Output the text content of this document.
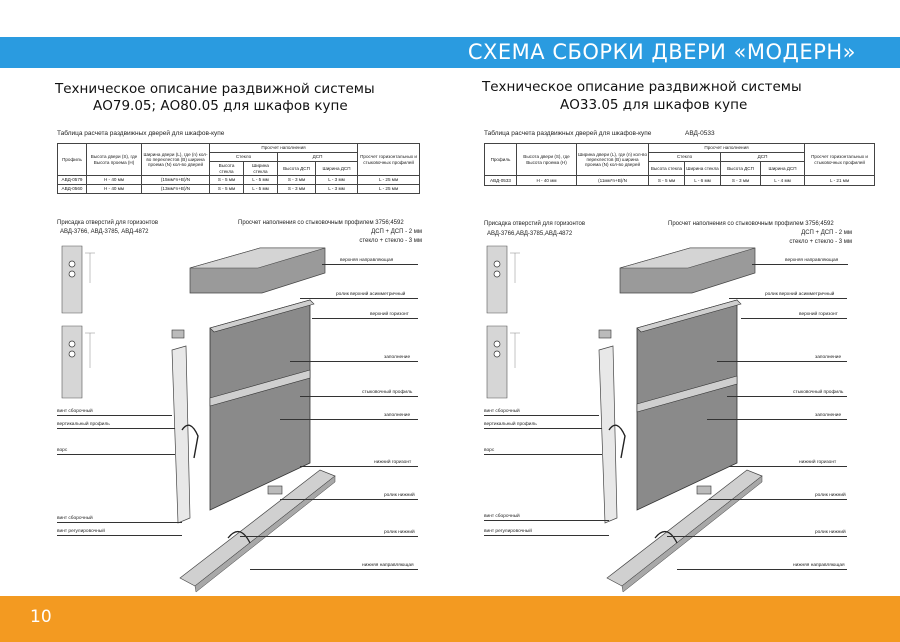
СХЕМА СБОРКИ ДВЕРИ «МОДЕРН»
Техническое описание раздвижной системы
АО79.05; АО80.05 для шкафов купе
Таблица расчета раздвижных дверей для шкафов-купе
Профиль	Высота двери (S), где Высота проема (Н)	Ширина двери (L), где (n) кол-во перехлестов (B) ширина проема (N) кол-во дверей	Просчет наполнения				Просчет горизонтальных и стыковочных профилей
			Стекло		ДСП		
			Высота стекла	Ширина стекла	Высота ДСП	Ширина ДСП	
АВД-0579	Н - 40 мм	(15мм*n+B)/N	S - 5 мм	L - 5 мм	S - 3 мм	L - 3 мм	L - 25 мм
АВД-0560	Н - 40 мм	(13мм*n+B)/N	S - 5 мм	L - 5 мм	S - 3 мм	L - 3 мм	L - 25 мм
Присадка отверстий для горизонтов
АВД-3766, АВД-3785, АВД-4872
Просчет наполнения со стыковочным профилем 3756;4592
ДСП + ДСП - 2 мм
стекло + стекло - 3 мм
верхняя направляющая
ролик верхний асимметричный
верхний горизонт
заполнение
стыковочный профиль
заполнение
винт сборочный
вертикальный профиль
ворс
нижний горизонт
ролик нижний
винт сборочный
винт регулировочный	ролик нижний
нижняя направляющая
Техническое описание раздвижной системы
АО33.05 для шкафов купе
Таблица расчета раздвижных дверей для шкафов-купе	АВД-0533
Профиль	Высота двери (S), где Высота проема (Н)	Ширина двери (L), где (n) кол-во перехлестов (B) ширина проема (N) кол-во дверей	Просчет наполнения				Просчет горизонтальных и стыковочных профилей
			Стекло		ДСП		
			Высота стекла	Ширина стекла	Высота ДСП	Ширина ДСП	
АВД-0533	Н - 40 мм	(11мм*n+B)/N	S - 5 мм	L - 6 мм	S - 3 мм	L - 4 мм	L - 21 мм
Присадка отверстий для горизонтов
АВД-3766,АВД-3785,АВД-4872
Просчет наполнения со стыковочным профилем 3756;4592
ДСП + ДСП - 2 мм
стекло + стекло - 3 мм
верхняя направляющая
ролик верхний асимметричный
верхний горизонт
заполнение
стыковочный профиль
заполнение
винт сборочный
вертикальный профиль
ворс
нижний горизонт
ролик нижний
винт сборочный
винт регулировочный	ролик нижний
нижняя направляющая
10
